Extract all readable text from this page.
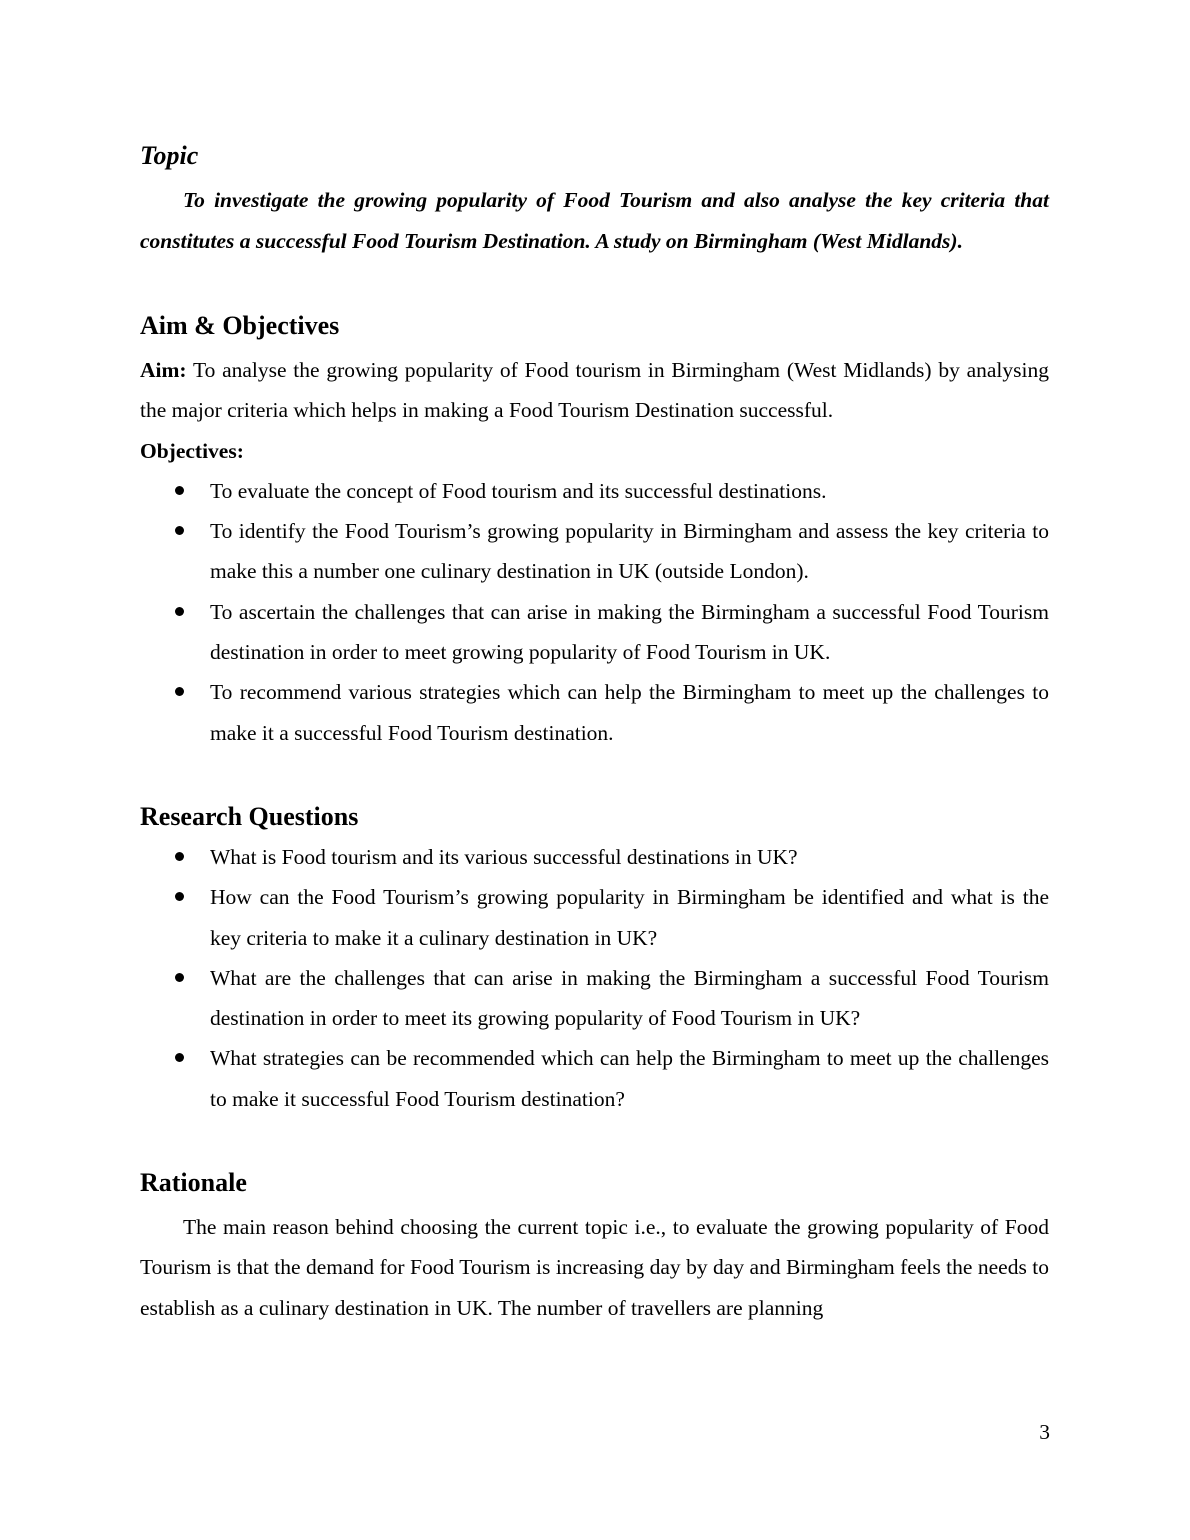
Topic

To investigate the growing popularity of Food Tourism and also analyse the key criteria that constitutes a successful Food Tourism Destination. A study on Birmingham (West Midlands).

Aim & Objectives

Aim: To analyse the growing popularity of Food tourism in Birmingham (West Midlands) by analysing the major criteria which helps in making a Food Tourism Destination successful.

Objectives:

To evaluate the concept of Food tourism and its successful destinations.
To identify the Food Tourism’s growing popularity in Birmingham and assess the key criteria to make this a number one culinary destination in UK (outside London).
To ascertain the challenges that can arise in making the Birmingham a successful Food Tourism destination in order to meet growing popularity of Food Tourism in UK.
To recommend various strategies which can help the Birmingham to meet up the challenges to make it a successful Food Tourism destination.
Research Questions
What is Food tourism and its various successful destinations in UK?
How can the Food Tourism’s growing popularity in Birmingham be identified and what is the key criteria to make it a culinary destination in UK?
What are the challenges that can arise in making the Birmingham a successful Food Tourism destination in order to meet its growing popularity of Food Tourism in UK?
What strategies can be recommended which can help the Birmingham to meet up the challenges to make it successful Food Tourism destination?
Rationale

The main reason behind choosing the current topic i.e., to evaluate the growing popularity of Food Tourism is that the demand for Food Tourism is increasing day by day and Birmingham feels the needs to establish as a culinary destination in UK. The number of travellers are planning

3
